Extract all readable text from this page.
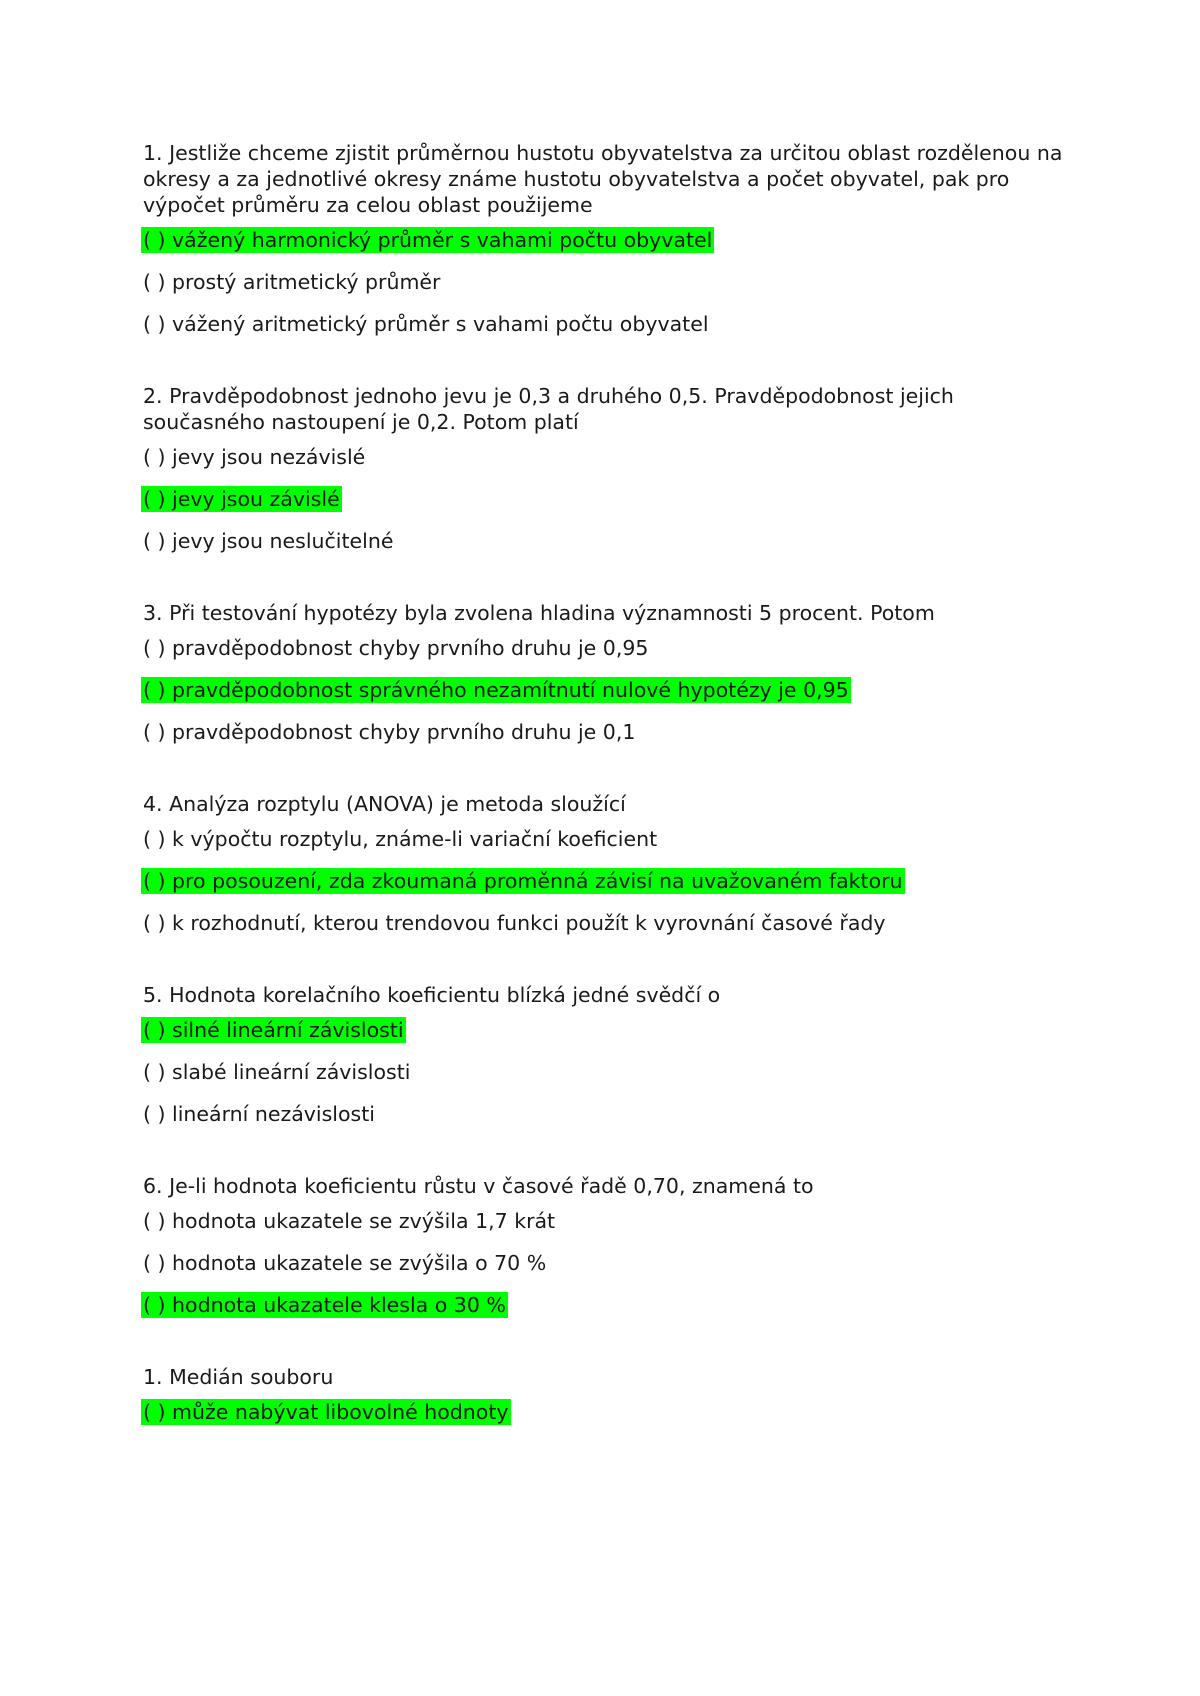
1. Jestliže chceme zjistit průměrnou hustotu obyvatelstva za určitou oblast rozdělenou na okresy a za jednotlivé okresy známe hustotu obyvatelstva a počet obyvatel, pak pro výpočet průměru za celou oblast použijeme

( ) vážený harmonický průměr s vahami počtu obyvatel
( ) prostý aritmetický průměr
( ) vážený aritmetický průměr s vahami počtu obyvatel

2. Pravděpodobnost jednoho jevu je 0,3 a druhého 0,5. Pravděpodobnost jejich současného nastoupení je 0,2. Potom platí

( ) jevy jsou nezávislé
( ) jevy jsou závislé
( ) jevy jsou neslučitelné

3. Při testování hypotézy byla zvolena hladina významnosti 5 procent. Potom

( ) pravděpodobnost chyby prvního druhu je 0,95
( ) pravděpodobnost správného nezamítnutí nulové hypotézy je 0,95
( ) pravděpodobnost chyby prvního druhu je 0,1

4. Analýza rozptylu (ANOVA) je metoda sloužící

( ) k výpočtu rozptylu, známe-li variační koeficient
( ) pro posouzení, zda zkoumaná proměnná závisí na uvažovaném faktoru
( ) k rozhodnutí, kterou trendovou funkci použít k vyrovnání časové řady

5. Hodnota korelačního koeficientu blízká jedné svědčí o

( ) silné lineární závislosti
( ) slabé lineární závislosti
( ) lineární nezávislosti

6. Je-li hodnota koeficientu růstu v časové řadě 0,70, znamená to

( ) hodnota ukazatele se zvýšila 1,7 krát
( ) hodnota ukazatele se zvýšila o 70 %
( ) hodnota ukazatele klesla o 30 %

1. Medián souboru

( ) může nabývat libovolné hodnoty
